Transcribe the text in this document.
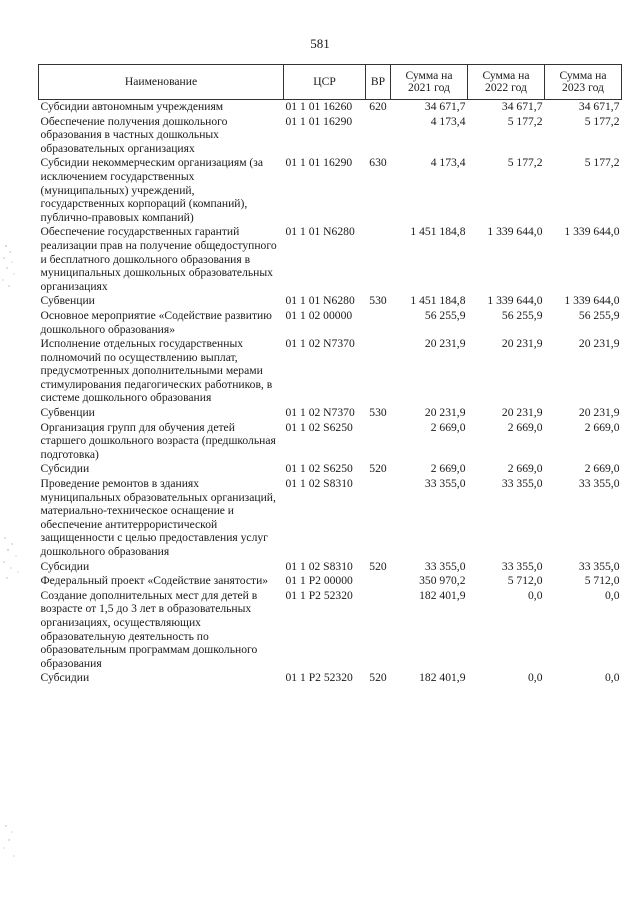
581
Наименование	ЦСР	ВР	Сумма на 2021 год	Сумма на 2022 год	Сумма на 2023 год
Субсидии автономным учреждениям	01 1 01 16260	620	34 671,7	34 671,7	34 671,7
Обеспечение получения дошкольного образования в частных дошкольных образовательных организациях	01 1 01 16290		4 173,4	5 177,2	5 177,2
Субсидии некоммерческим организациям (за исключением государственных (муниципальных) учреждений, государственных корпораций (компаний), публично-правовых компаний)	01 1 01 16290	630	4 173,4	5 177,2	5 177,2
Обеспечение государственных гарантий реализации прав на получение общедоступного и бесплатного дошкольного образования в муниципальных дошкольных образовательных организациях	01 1 01 N6280		1 451 184,8	1 339 644,0	1 339 644,0
Субвенции	01 1 01 N6280	530	1 451 184,8	1 339 644,0	1 339 644,0
Основное мероприятие «Содействие развитию дошкольного образования»	01 1 02 00000		56 255,9	56 255,9	56 255,9
Исполнение отдельных государственных полномочий по осуществлению выплат, предусмотренных дополнительными мерами стимулирования педагогических работников, в системе дошкольного образования	01 1 02 N7370		20 231,9	20 231,9	20 231,9
Субвенции	01 1 02 N7370	530	20 231,9	20 231,9	20 231,9
Организация групп для обучения детей старшего дошкольного возраста (предшкольная подготовка)	01 1 02 S6250		2 669,0	2 669,0	2 669,0
Субсидии	01 1 02 S6250	520	2 669,0	2 669,0	2 669,0
Проведение ремонтов в зданиях муниципальных образовательных организаций, материально-техническое оснащение и обеспечение антитеррористической защищенности с целью предоставления услуг дошкольного образования	01 1 02 S8310		33 355,0	33 355,0	33 355,0
Субсидии	01 1 02 S8310	520	33 355,0	33 355,0	33 355,0
Федеральный проект «Содействие занятости»	01 1 P2 00000		350 970,2	5 712,0	5 712,0
Создание дополнительных мест для детей в возрасте от 1,5 до 3 лет в образовательных организациях, осуществляющих образовательную деятельность по образовательным программам дошкольного образования	01 1 P2 52320		182 401,9	0,0	0,0
Субсидии	01 1 P2 52320	520	182 401,9	0,0	0,0
